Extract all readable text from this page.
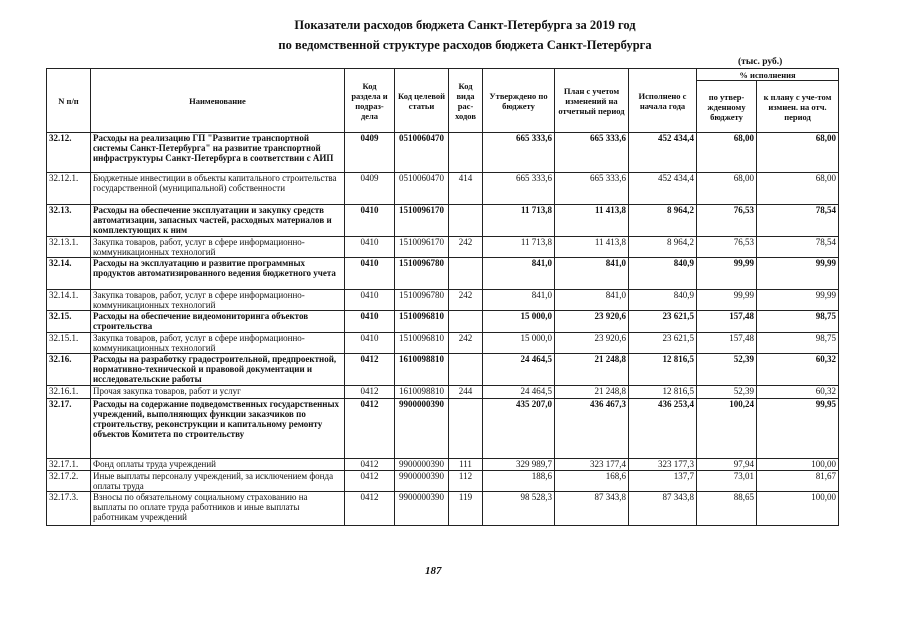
Показатели расходов бюджета Санкт-Петербурга за 2019 год
по ведомственной структуре расходов бюджета Санкт-Петербурга
(тыс. руб.)
N п/п	Наименование	Код раздела и подраз-дела	Код целевой статьи	Код вида рас-ходов	Утверждено по бюджету	План с учетом изменений на отчетный период	Исполнено с начала года	% исполнения	
								по утвер-жденному бюджету	к плану с уче-том измнен. на отч. период
32.12.	Расходы на реализацию ГП "Развитие транспортной системы Санкт-Петербурга" на развитие транспортной инфраструктуры Санкт-Петербурга в соответствии с АИП	0409	0510060470		665 333,6	665 333,6	452 434,4	68,00	68,00
32.12.1.	Бюджетные инвестиции в объекты капитального строительства государственной (муниципальной) собственности	0409	0510060470	414	665 333,6	665 333,6	452 434,4	68,00	68,00
32.13.	Расходы на обеспечение эксплуатации и закупку средств автоматизации, запасных частей, расходных материалов и комплектующих к ним	0410	1510096170		11 713,8	11 413,8	8 964,2	76,53	78,54
32.13.1.	Закупка товаров, работ, услуг в сфере информационно-коммуникационных технологий	0410	1510096170	242	11 713,8	11 413,8	8 964,2	76,53	78,54
32.14.	Расходы на эксплуатацию и развитие программных продуктов автоматизированного ведения бюджетного учета	0410	1510096780		841,0	841,0	840,9	99,99	99,99
32.14.1.	Закупка товаров, работ, услуг в сфере информационно-коммуникационных технологий	0410	1510096780	242	841,0	841,0	840,9	99,99	99,99
32.15.	Расходы на обеспечение видеомониторинга объектов строительства	0410	1510096810		15 000,0	23 920,6	23 621,5	157,48	98,75
32.15.1.	Закупка товаров, работ, услуг в сфере информационно-коммуникационных технологий	0410	1510096810	242	15 000,0	23 920,6	23 621,5	157,48	98,75
32.16.	Расходы на разработку градостроительной, предпроектной, нормативно-технической и правовой документации и исследовательские работы	0412	1610098810		24 464,5	21 248,8	12 816,5	52,39	60,32
32.16.1.	Прочая закупка товаров, работ и услуг	0412	1610098810	244	24 464,5	21 248,8	12 816,5	52,39	60,32
32.17.	Расходы на содержание подведомственных государственных учреждений, выполняющих функции заказчиков по строительству, реконструкции и капитальному ремонту объектов Комитета по строительству	0412	9900000390		435 207,0	436 467,3	436 253,4	100,24	99,95
32.17.1.	Фонд оплаты труда учреждений	0412	9900000390	111	329 989,7	323 177,4	323 177,3	97,94	100,00
32.17.2.	Иные выплаты персоналу учреждений, за исключением фонда оплаты труда	0412	9900000390	112	188,6	168,6	137,7	73,01	81,67
32.17.3.	Взносы по обязательному социальному страхованию на выплаты по оплате труда работников и иные выплаты работникам учреждений	0412	9900000390	119	98 528,3	87 343,8	87 343,8	88,65	100,00
187
